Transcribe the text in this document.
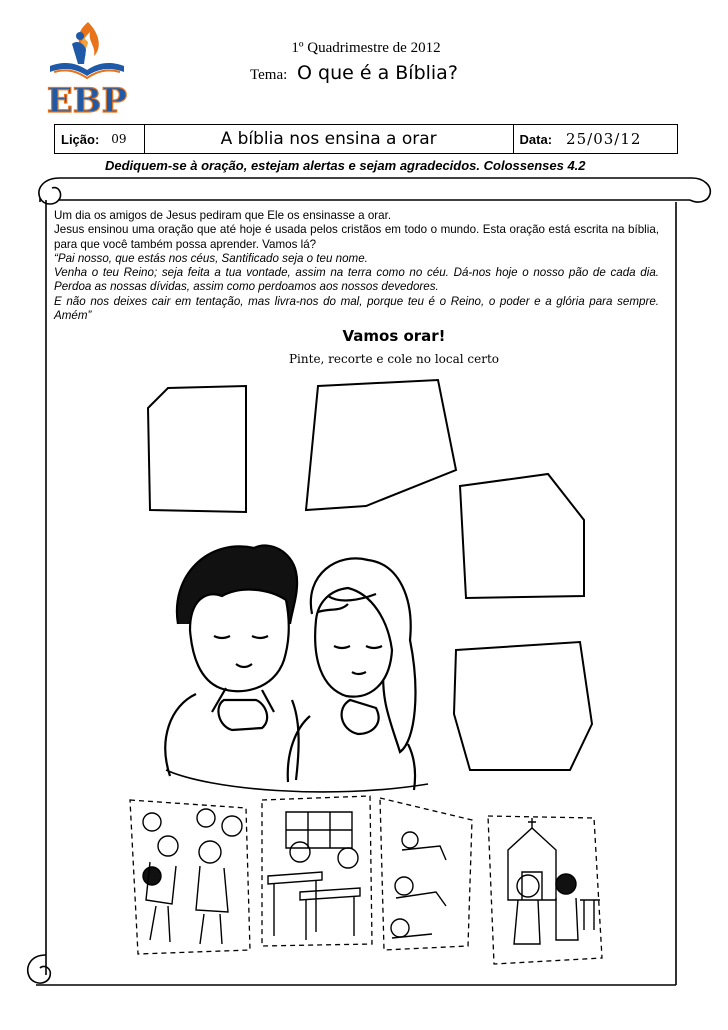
EBP
1º Quadrimestre de 2012
Tema: O que é a Bíblia?
Lição: 09	A bíblia nos ensina a orar	Data: 25/03/12
Dediquem-se à oração, estejam alertas e sejam agradecidos. Colossenses 4.2

Um dia os amigos de Jesus pediram que Ele os ensinasse a orar.

Jesus ensinou uma oração que até hoje é usada pelos cristãos em todo o mundo. Esta oração está escrita na bíblia, para que você também possa aprender. Vamos lá?

“Pai nosso, que estás nos céus, Santificado seja o teu nome.

Venha o teu Reino; seja feita a tua vontade, assim na terra como no céu. Dá-nos hoje o nosso pão de cada dia. Perdoa as nossas dívidas, assim como perdoamos aos nossos devedores.

E não nos deixes cair em tentação, mas livra-nos do mal, porque teu é o Reino, o poder e a glória para sempre. Amém”

Vamos orar!
Pinte, recorte e cole no local certo
